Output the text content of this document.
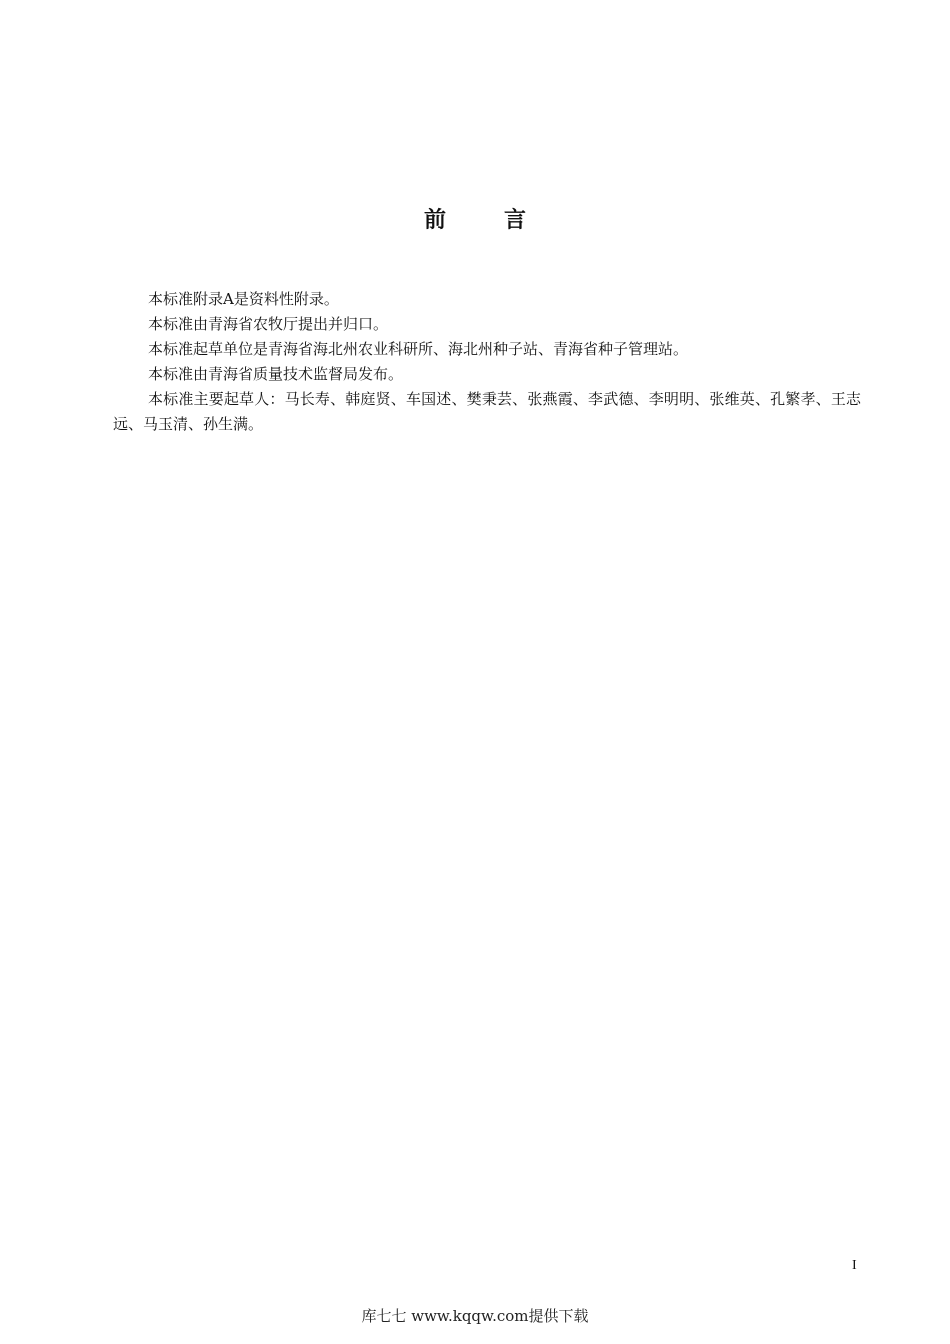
前	言

本标准附录A是资料性附录。

本标准由青海省农牧厅提出并归口。

本标准起草单位是青海省海北州农业科研所、海北州种子站、青海省种子管理站。

本标准由青海省质量技术监督局发布。

本标准主要起草人：马长寿、韩庭贤、车国述、樊秉芸、张燕霞、李武德、李明明、张维英、孔繁孝、王志远、马玉清、孙生满。

I
库七七 www.kqqw.com提供下载
